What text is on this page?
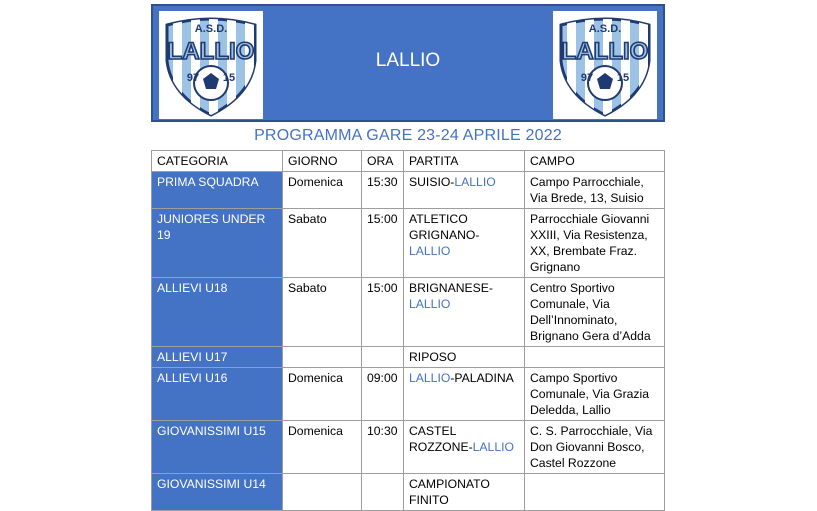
A.S.D.
LALLIO
97 15
LALLIO
A.S.D.
LALLIO
97 15
PROGRAMMA GARE 23-24 APRILE 2022
CATEGORIA	GIORNO	ORA	PARTITA	CAMPO
PRIMA SQUADRA	Domenica	15:30	SUISIO-LALLIO	Campo Parrocchiale, Via Brede, 13, Suisio
JUNIORES UNDER 19	Sabato	15:00	ATLETICO GRIGNANO-LALLIO	Parrocchiale Giovanni XXIII, Via Resistenza, XX, Brembate Fraz. Grignano
ALLIEVI U18	Sabato	15:00	BRIGNANESE-LALLIO	Centro Sportivo Comunale, Via Dell’Innominato, Brignano Gera d’Adda
ALLIEVI U17			RIPOSO	
ALLIEVI U16	Domenica	09:00	LALLIO-PALADINA	Campo Sportivo Comunale, Via Grazia Deledda, Lallio
GIOVANISSIMI U15	Domenica	10:30	CASTEL ROZZONE-LALLIO	C. S. Parrocchiale, Via Don Giovanni Bosco, Castel Rozzone
GIOVANISSIMI U14			CAMPIONATO FINITO	
